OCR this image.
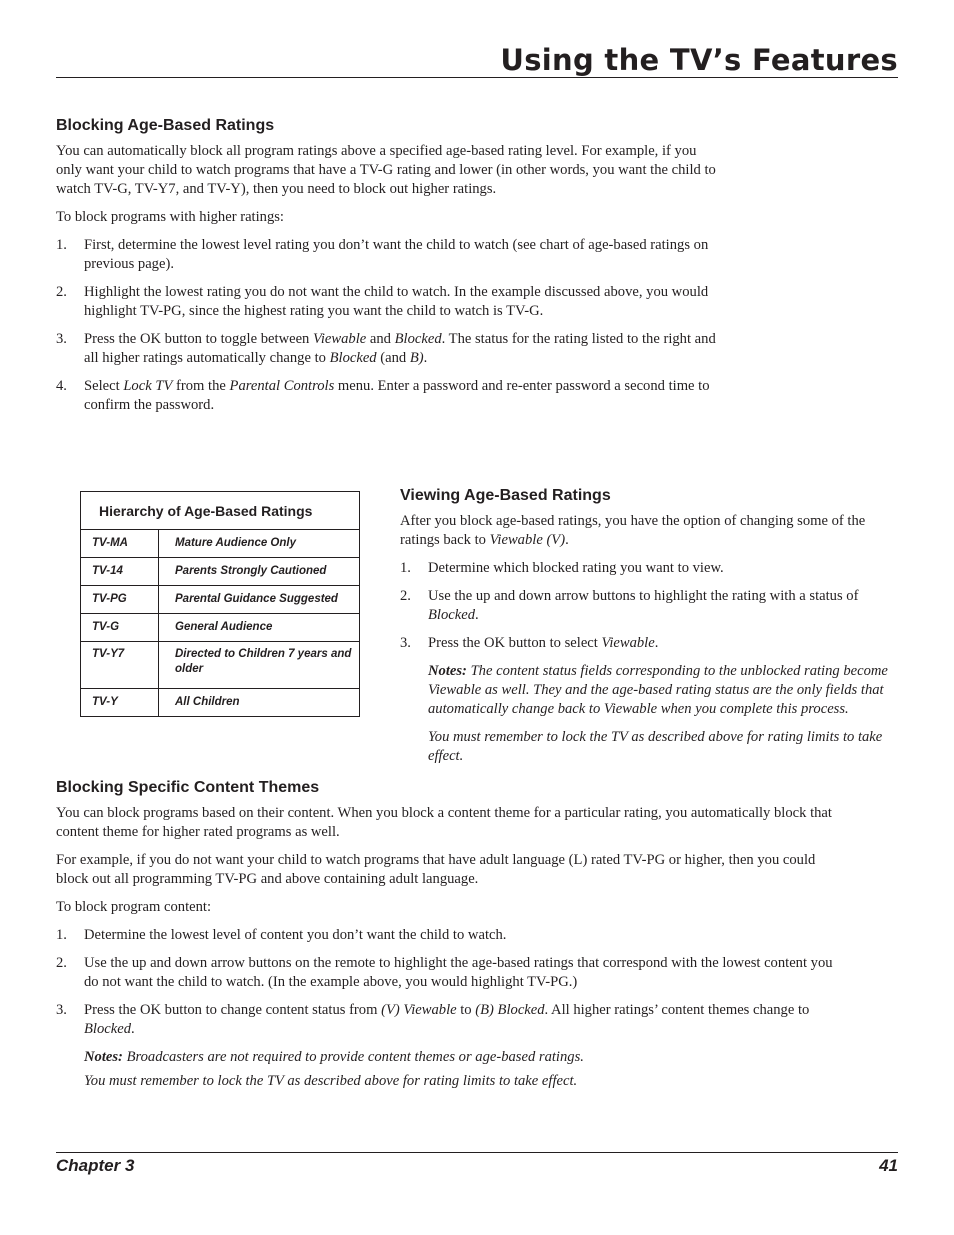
Using the TV’s Features
Blocking Age-Based Ratings

You can automatically block all program ratings above a specified age-based rating level. For example, if you only want your child to watch programs that have a TV-G rating and lower (in other words, you want the child to watch TV-G, TV-Y7, and TV-Y), then you need to block out higher ratings.

To block programs with higher ratings:

1. First, determine the lowest level rating you don’t want the child to watch (see chart of age-based ratings on previous page).
2. Highlight the lowest rating you do not want the child to watch. In the example discussed above, you would highlight TV-PG, since the highest rating you want the child to watch is TV-G.
3. Press the OK button to toggle between Viewable and Blocked. The status for the rating listed to the right and all higher ratings automatically change to Blocked (and B).
4. Select Lock TV from the Parental Controls menu. Enter a password and re-enter password a second time to confirm the password.
Hierarchy of Age-Based Ratings
TV-MA	Mature Audience Only
TV-14	Parents Strongly Cautioned
TV-PG	Parental Guidance Suggested
TV-G	General Audience
TV-Y7	Directed to Children 7 years and older
TV-Y	All Children
Viewing Age-Based Ratings

After you block age-based ratings, you have the option of changing some of the ratings back to Viewable (V).

1. Determine which blocked rating you want to view.
2. Use the up and down arrow buttons to highlight the rating with a status of Blocked.
3. Press the OK button to select Viewable.

Notes: The content status fields corresponding to the unblocked rating become Viewable as well. They and the age-based rating status are the only fields that automatically change back to Viewable when you complete this process.

You must remember to lock the TV as described above for rating limits to take effect.

Blocking Specific Content Themes

You can block programs based on their content. When you block a content theme for a particular rating, you automatically block that content theme for higher rated programs as well.

For example, if you do not want your child to watch programs that have adult language (L) rated TV-PG or higher, then you could block out all programming TV-PG and above containing adult language.

To block program content:

1. Determine the lowest level of content you don’t want the child to watch.
2. Use the up and down arrow buttons on the remote to highlight the age-based ratings that correspond with the lowest content you do not want the child to watch. (In the example above, you would highlight TV-PG.)
3. Press the OK button to change content status from (V) Viewable to (B) Blocked. All higher ratings’ content themes change to Blocked.

Notes: Broadcasters are not required to provide content themes or age-based ratings.

You must remember to lock the TV as described above for rating limits to take effect.

Chapter 3	41
